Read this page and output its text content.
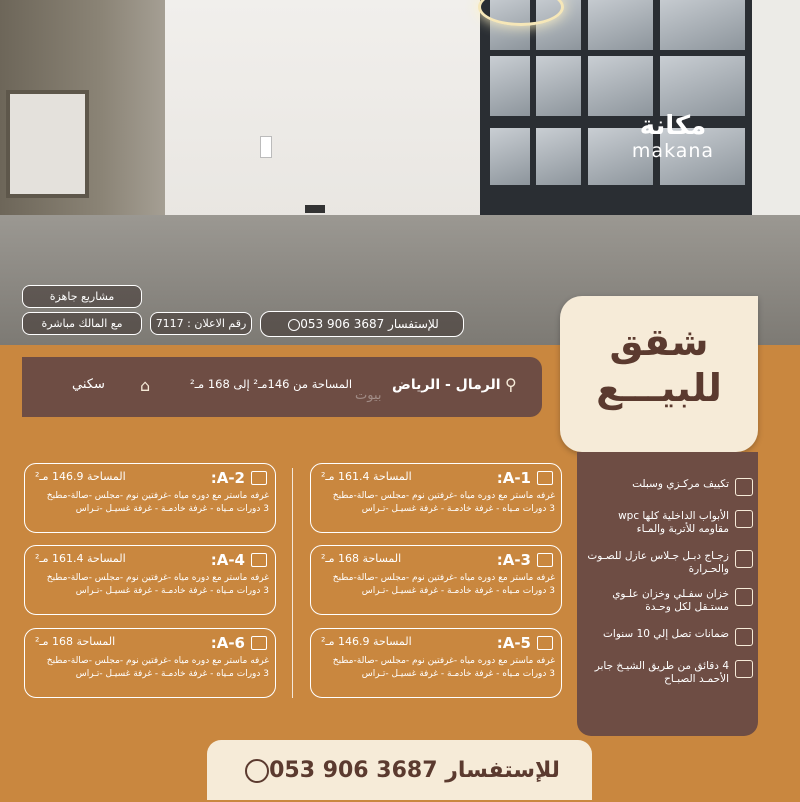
مكانة
makana
مشاريع جاهزة
مع المالك مباشرة	رقم الاعلان : 7117	للإستفسار 3687 906 053
سكني ⌂	المساحة من 146مـ² إلى 168 مـ²	الرمال - الرياض ⚲
بيوت
شقق
للبيـــع
تكييف مركـزي وسبلت
الأبواب الداخلية كلها wpc مقاومه للأتربة والمـاء
زجـاج دبـل جـلاس عازل للصـوت والحـرارة
خزان سفـلي وخزان علـوي مستـقل لكل وحـدة
ضمانات تصل إلي 10 سنوات
4 دقائق من طريق الشيـخ جابر الأحمـد الصبـاح
A-1:
المساحة 161.4 مـ²
غرفه ماستر مع دوره مياه -غرفتين نوم -مجلس -صالة-مطبخ
3 دورات مـياه - غرفة خادمـة - غرفة غسيـل -تـراس
A-2:
المساحة 146.9 مـ²
غرفه ماستر مع دوره مياه -غرفتين نوم -مجلس -صالة-مطبخ
3 دورات مـياه - غرفة خادمـة - غرفة غسيـل -تـراس
A-3:
المساحة 168 مـ²
غرفه ماستر مع دوره مياه -غرفتين نوم -مجلس -صالة-مطبخ
3 دورات مـياه - غرفة خادمـة - غرفة غسيـل -تـراس
A-4:
المساحة 161.4 مـ²
غرفه ماستر مع دوره مياه -غرفتين نوم -مجلس -صالة-مطبخ
3 دورات مـياه - غرفة خادمـة - غرفة غسيـل -تـراس
A-5:
المساحة 146.9 مـ²
غرفه ماستر مع دوره مياه -غرفتين نوم -مجلس -صالة-مطبخ
3 دورات مـياه - غرفة خادمـة - غرفة غسيـل -تـراس
A-6:
المساحة 168 مـ²
غرفه ماستر مع دوره مياه -غرفتين نوم -مجلس -صالة-مطبخ
3 دورات مـياه - غرفة خادمـة - غرفة غسيـل -تـراس
للإستفسار 3687 906 053
